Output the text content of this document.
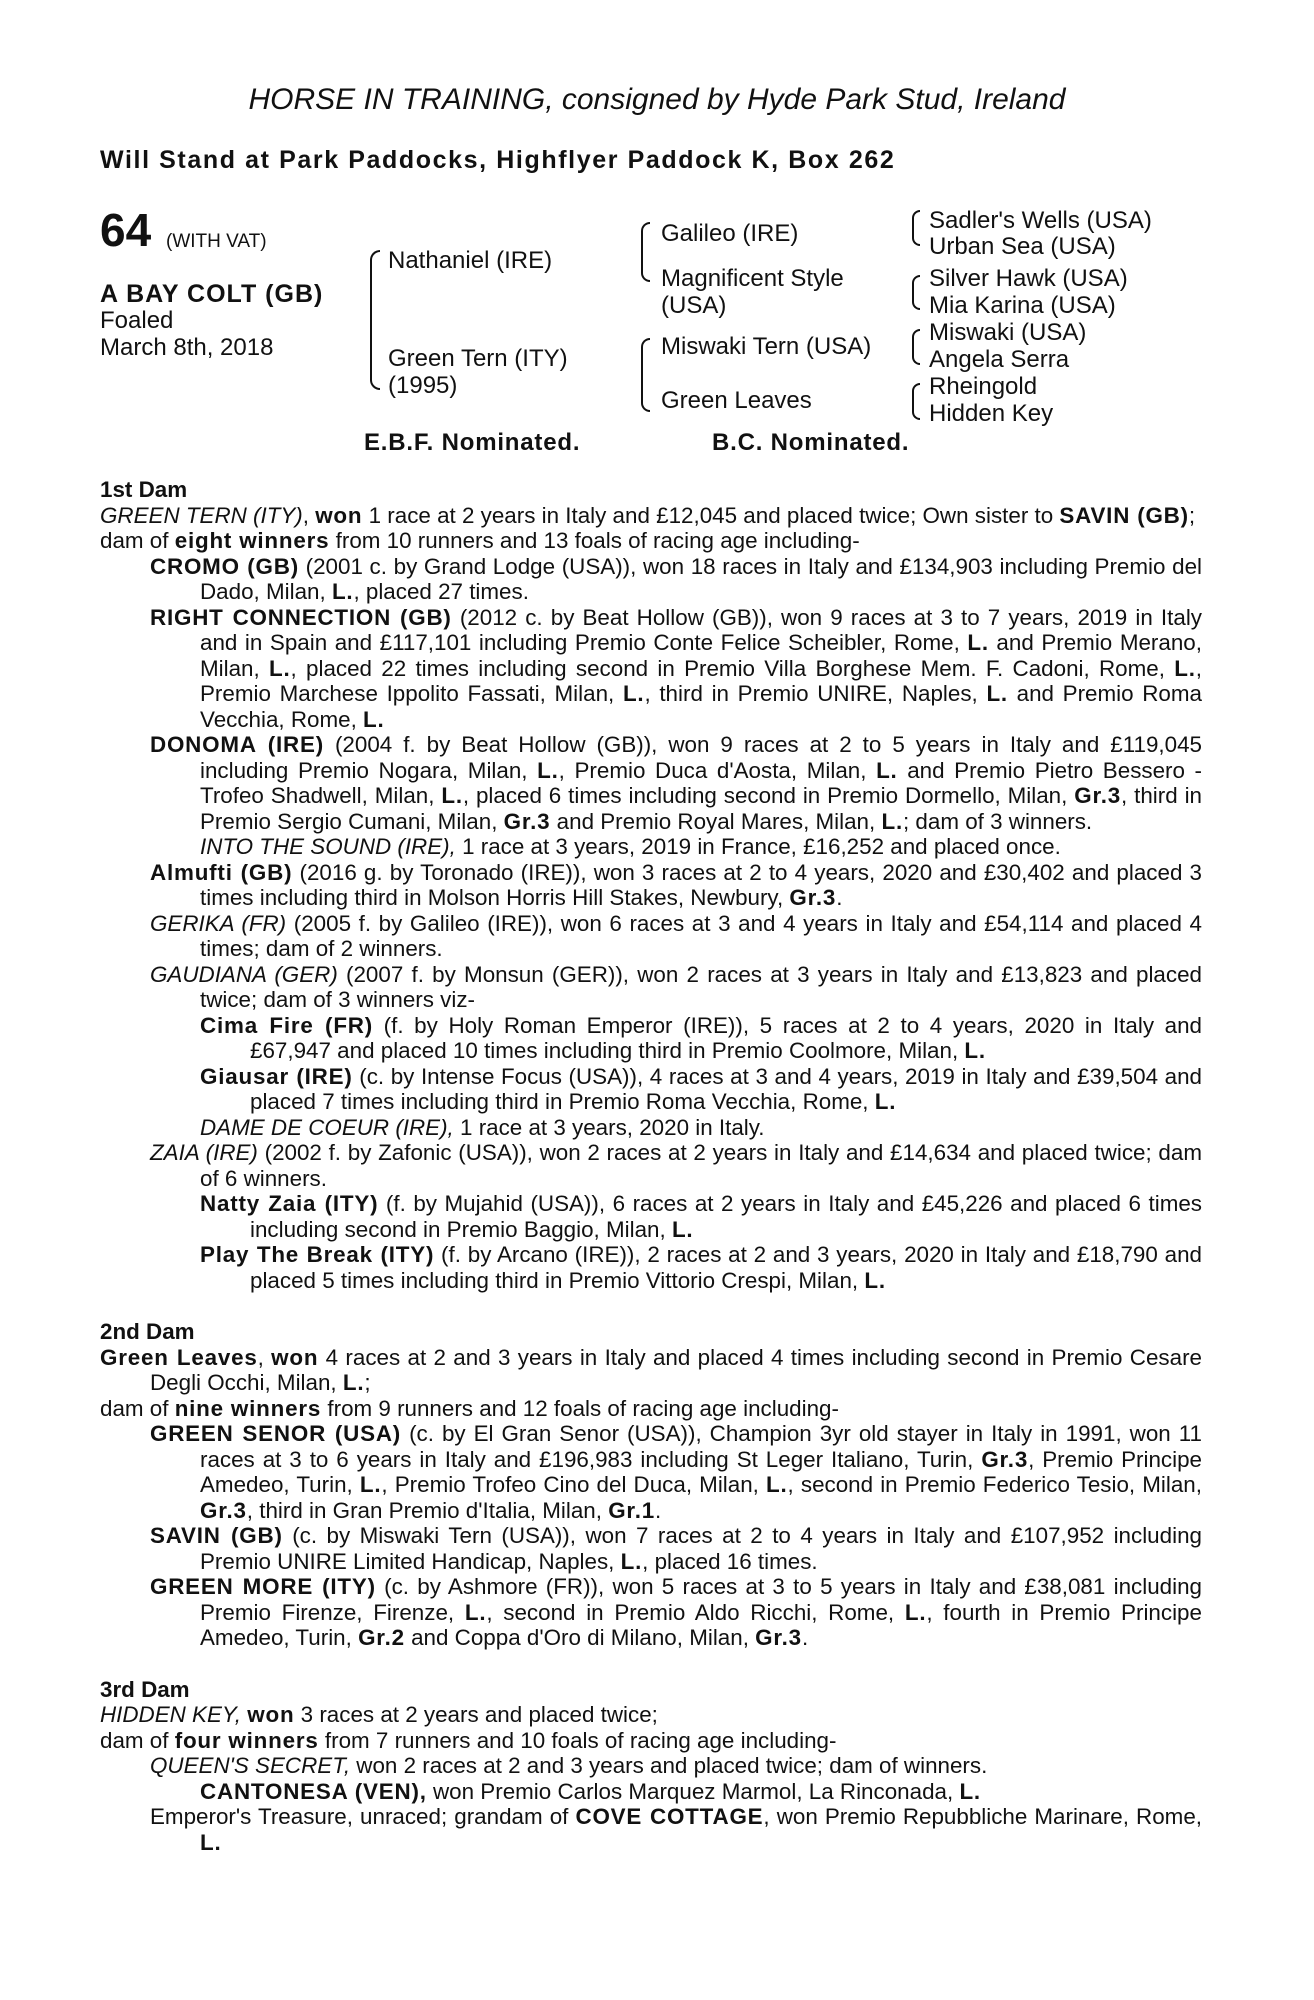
HORSE IN TRAINING, consigned by Hyde Park Stud, Ireland
Will Stand at Park Paddocks, Highflyer Paddock K, Box 262
64 (WITH VAT)
A BAY COLT (GB)
Foaled
March 8th, 2018
Nathaniel (IRE)
Green Tern (ITY)
(1995)
Galileo (IRE)
Magnificent Style
(USA)
Miswaki Tern (USA)
Green Leaves
Sadler's Wells (USA)
Urban Sea (USA)
Silver Hawk (USA)
Mia Karina (USA)
Miswaki (USA)
Angela Serra
Rheingold
Hidden Key
E.B.F. Nominated.	B.C. Nominated.
1st Dam
GREEN TERN (ITY), won 1 race at 2 years in Italy and £12,045 and placed twice; Own sister to SAVIN (GB);
dam of eight winners from 10 runners and 13 foals of racing age including-
CROMO (GB) (2001 c. by Grand Lodge (USA)), won 18 races in Italy and £134,903 including Premio del Dado, Milan, L., placed 27 times.
RIGHT CONNECTION (GB) (2012 c. by Beat Hollow (GB)), won 9 races at 3 to 7 years, 2019 in Italy and in Spain and £117,101 including Premio Conte Felice Scheibler, Rome, L. and Premio Merano, Milan, L., placed 22 times including second in Premio Villa Borghese Mem. F. Cadoni, Rome, L., Premio Marchese Ippolito Fassati, Milan, L., third in Premio UNIRE, Naples, L. and Premio Roma Vecchia, Rome, L.
DONOMA (IRE) (2004 f. by Beat Hollow (GB)), won 9 races at 2 to 5 years in Italy and £119,045 including Premio Nogara, Milan, L., Premio Duca d'Aosta, Milan, L. and Premio Pietro Bessero - Trofeo Shadwell, Milan, L., placed 6 times including second in Premio Dormello, Milan, Gr.3, third in Premio Sergio Cumani, Milan, Gr.3 and Premio Royal Mares, Milan, L.; dam of 3 winners.
INTO THE SOUND (IRE), 1 race at 3 years, 2019 in France, £16,252 and placed once.
Almufti (GB) (2016 g. by Toronado (IRE)), won 3 races at 2 to 4 years, 2020 and £30,402 and placed 3 times including third in Molson Horris Hill Stakes, Newbury, Gr.3.
GERIKA (FR) (2005 f. by Galileo (IRE)), won 6 races at 3 and 4 years in Italy and £54,114 and placed 4 times; dam of 2 winners.
GAUDIANA (GER) (2007 f. by Monsun (GER)), won 2 races at 3 years in Italy and £13,823 and placed twice; dam of 3 winners viz-
Cima Fire (FR) (f. by Holy Roman Emperor (IRE)), 5 races at 2 to 4 years, 2020 in Italy and £67,947 and placed 10 times including third in Premio Coolmore, Milan, L.
Giausar (IRE) (c. by Intense Focus (USA)), 4 races at 3 and 4 years, 2019 in Italy and £39,504 and placed 7 times including third in Premio Roma Vecchia, Rome, L.
DAME DE COEUR (IRE), 1 race at 3 years, 2020 in Italy.
ZAIA (IRE) (2002 f. by Zafonic (USA)), won 2 races at 2 years in Italy and £14,634 and placed twice; dam of 6 winners.
Natty Zaia (ITY) (f. by Mujahid (USA)), 6 races at 2 years in Italy and £45,226 and placed 6 times including second in Premio Baggio, Milan, L.
Play The Break (ITY) (f. by Arcano (IRE)), 2 races at 2 and 3 years, 2020 in Italy and £18,790 and placed 5 times including third in Premio Vittorio Crespi, Milan, L.
2nd Dam
Green Leaves, won 4 races at 2 and 3 years in Italy and placed 4 times including second in Premio Cesare Degli Occhi, Milan, L.;
dam of nine winners from 9 runners and 12 foals of racing age including-
GREEN SENOR (USA) (c. by El Gran Senor (USA)), Champion 3yr old stayer in Italy in 1991, won 11 races at 3 to 6 years in Italy and £196,983 including St Leger Italiano, Turin, Gr.3, Premio Principe Amedeo, Turin, L., Premio Trofeo Cino del Duca, Milan, L., second in Premio Federico Tesio, Milan, Gr.3, third in Gran Premio d'Italia, Milan, Gr.1.
SAVIN (GB) (c. by Miswaki Tern (USA)), won 7 races at 2 to 4 years in Italy and £107,952 including Premio UNIRE Limited Handicap, Naples, L., placed 16 times.
GREEN MORE (ITY) (c. by Ashmore (FR)), won 5 races at 3 to 5 years in Italy and £38,081 including Premio Firenze, Firenze, L., second in Premio Aldo Ricchi, Rome, L., fourth in Premio Principe Amedeo, Turin, Gr.2 and Coppa d'Oro di Milano, Milan, Gr.3.
3rd Dam
HIDDEN KEY, won 3 races at 2 years and placed twice;
dam of four winners from 7 runners and 10 foals of racing age including-
QUEEN'S SECRET, won 2 races at 2 and 3 years and placed twice; dam of winners.
CANTONESA (VEN), won Premio Carlos Marquez Marmol, La Rinconada, L.
Emperor's Treasure, unraced; grandam of COVE COTTAGE, won Premio Repubbliche Marinare, Rome, L.
